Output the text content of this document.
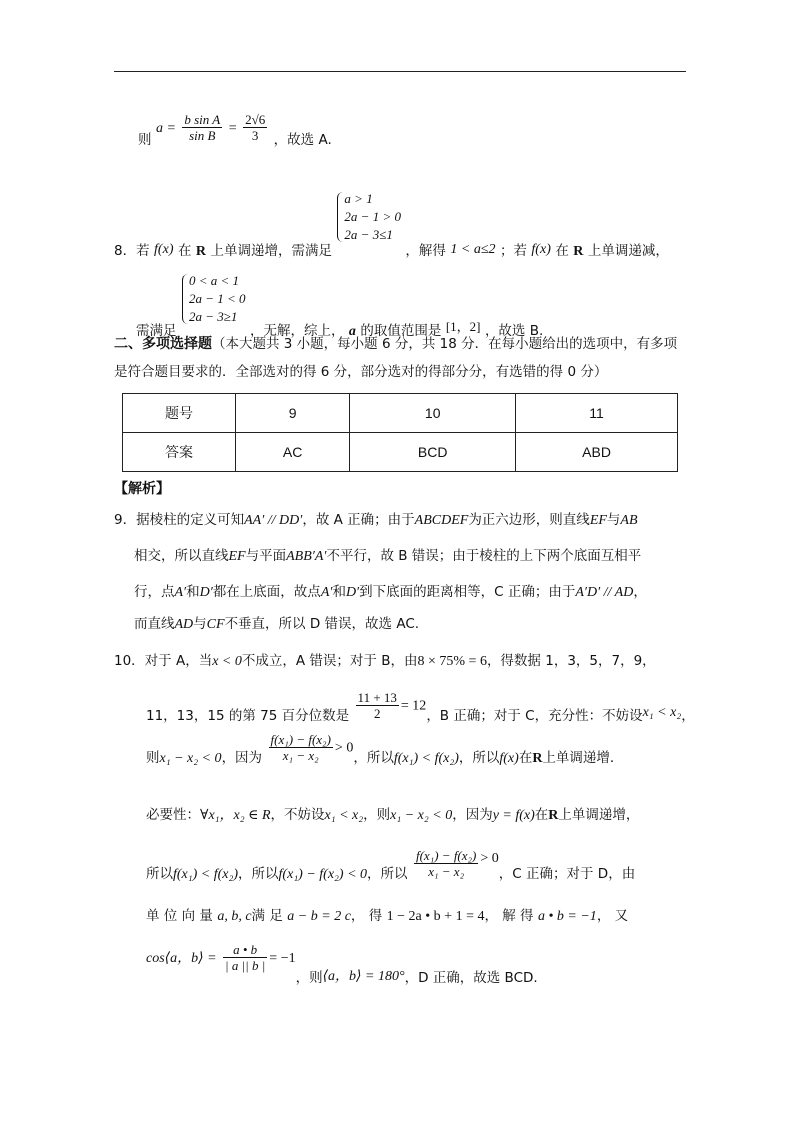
则 $a = \frac{\text{b sin A}}{\text{sin B}} = \frac{2√6}{3}$ ，故选 A.
8．若 f(x) 在 R 上单调递增，需满足
a > 1
2a − 1 > 0
2a − 3≤1
，解得 1 < a≤2 ；若 f(x) 在 R 上单调递减，
需满足
0 < a < 1
2a − 1 < 0
2a − 3≥1
，无解，综上， a 的取值范围是 [1，2] ，故选 B.
二、多项选择题（本大题共 3 小题，每小题 6 分，共 18 分．在每小题给出的选项中，有多项
是符合题目要求的．全部选对的得 6 分，部分选对的得部分分，有选错的得 0 分）
题号	9	10	11
答案	AC	BCD	ABD
【解析】
9．据棱柱的定义可知AA′ // DD′，故 A 正确；由于ABCDEF为正六边形，则直线EF与AB
相交，所以直线EF与平面ABB′A′不平行，故 B 错误；由于棱柱的上下两个底面互相平
行，点A′和D′都在上底面，故点A′和D′到下底面的距离相等，C 正确；由于A′D′ // AD，
而直线AD与CF不垂直，所以 D 错误，故选 AC.
10．对于 A，当x < 0不成立，A 错误；对于 B，由8 × 75% = 6，得数据 1，3，5，7，9，
11，13，15 的第 75 百分位数是 $\frac{11 + 13}{2} = 12$，B 正确；对于 C，充分性：不妨设x₁ < x₂，
则x₁ − x₂ < 0，因为 $\frac{\text{f(x₁) − f(x₂)}}{\text{x₁ − x₂}} > 0$，所以f(x₁) < f(x₂)，所以f(x)在R上单调递增．
必要性：∀x₁，x₂ ∈ R，不妨设x₁ < x₂，则x₁ − x₂ < 0，因为y = f(x)在R上单调递增，
所以f(x₁) < f(x₂)，所以f(x₁) − f(x₂) < 0，所以 $\frac{\text{f(x₁) − f(x₂)}}{\text{x₁ − x₂}} > 0$，C 正确；对于 D，由
单 位 向 量 a, b, c满 足 a − b = 2 c， 得 1 − 2a • b + 1 = 4， 解 得 a • b = −1， 又
cos⟨a，b⟩ = $\frac{a • b}{| a || b |} = -1$，则⟨a，b⟩ = 180°，D 正确，故选 BCD.
